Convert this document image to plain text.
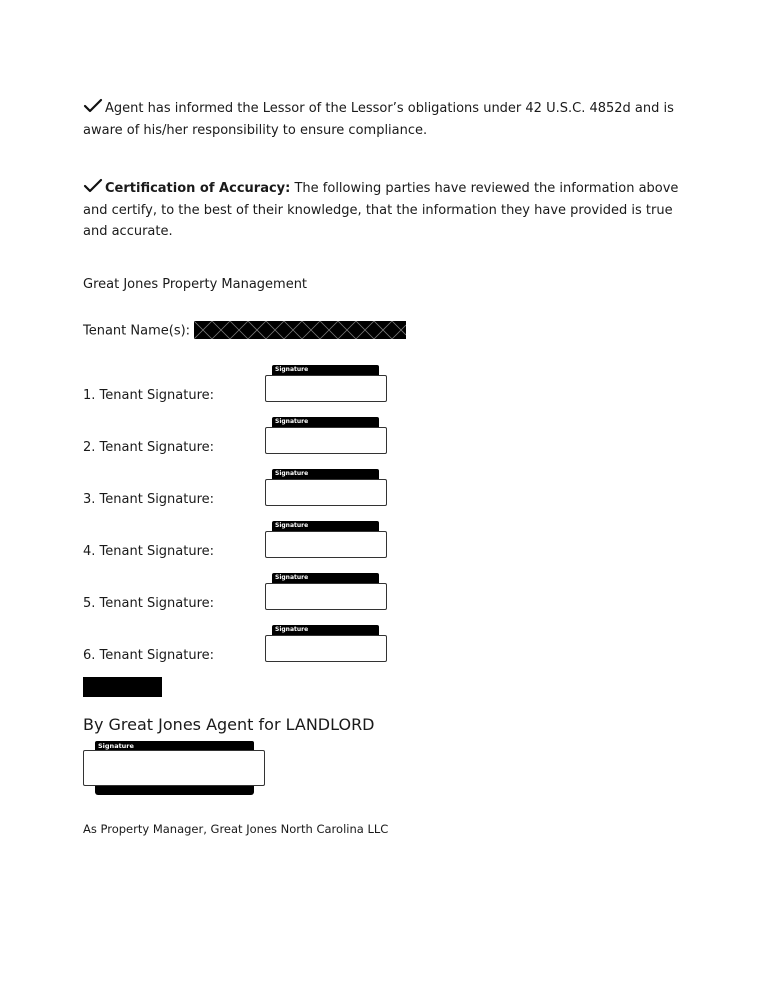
Agent has informed the Lessor of the Lessor’s obligations under 42 U.S.C. 4852d and is aware of his/her responsibility to ensure compliance.
Certification of Accuracy: The following parties have reviewed the information above and certify, to the best of their knowledge, that the information they have provided is true and accurate.
Great Jones Property Management
Tenant Name(s):
1. Tenant Signature:
Signature
2. Tenant Signature:
Signature
3. Tenant Signature:
Signature
4. Tenant Signature:
Signature
5. Tenant Signature:
Signature
6. Tenant Signature:
Signature
By Great Jones Agent for LANDLORD
Signature
As Property Manager, Great Jones North Carolina LLC
